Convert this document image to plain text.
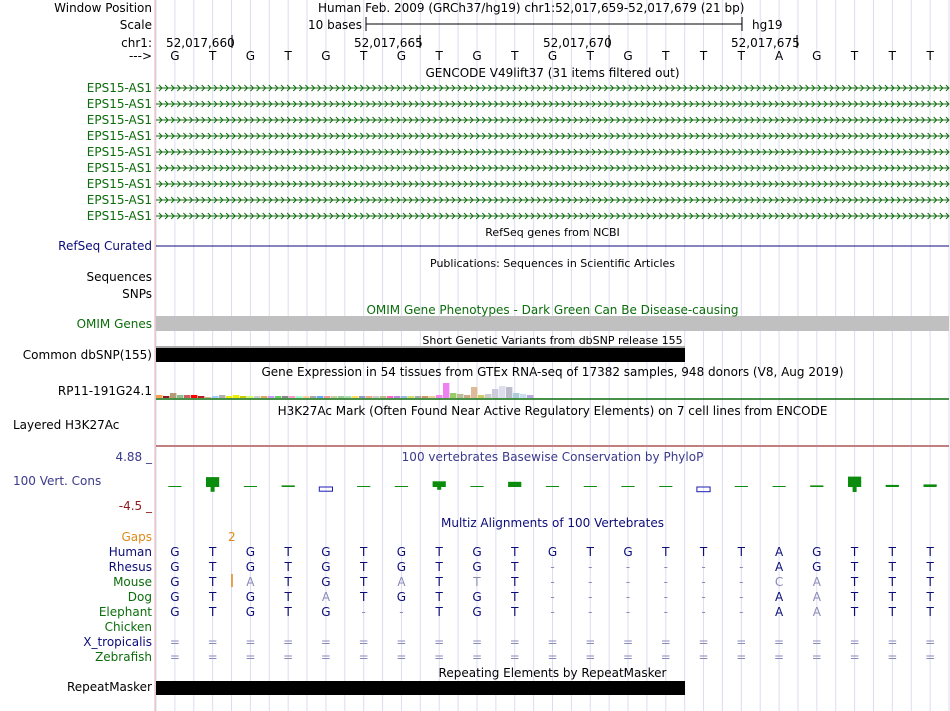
Window Position	Human Feb. 2009 (GRCh37/hg19) chr1:52,017,659-52,017,679 (21 bp)
Scale	10 bases	hg19
chr1: 52,017,660	52,017,665	52,017,670	52,017,675
---> G T G T G T G T G T G T G T	T	T A G T	T	T
GENCODE V49lift37 (31 items filtered out)
EPS15-AS1
EPS15-AS1
EPS15-AS1
EPS15-AS1
EPS15-AS1
EPS15-AS1
EPS15-AS1
EPS15-AS1
EPS15-AS1
RefSeq genes from NCBI
RefSeq Curated
Publications: Sequences in Scientific Articles
Sequences
SNPs
OMIM Gene Phenotypes - Dark Green Can Be Disease-causing
OMIM Genes
Short Genetic Variants from dbSNP release 155
Common dbSNP(155)
Gene Expression in 54 tissues from GTEx RNA-seq of 17382 samples, 948 donors (V8, Aug 2019)
RP11-191G24.1
H3K27Ac Mark (Often Found Near Active Regulatory Elements) on 7 cell lines from ENCODE
Layered H3K27Ac
100 vertebrates Basewise Conservation by PhyloP
4.88 _
100 Vert. Cons
-4.5 _
Multiz Alignments of 100 Vertebrates
Gaps	2
Human G T G T G T G T G T G T G T	T	T A G T	T	T
Rhesus G T G T G T G T G T	-	-	-	-	-	-	A G T	T	T
Mouse G T A T G T A T	T	T	-	-	-	-	-	-	C A T	T	T
Dog G T G T A T G T G T	-	-	-	-	-	-	A A T	T	T
Elephant G T G T G	-	-	T G T	-	-	-	-	-	-	A A T	T	T
Chicken
X_tropicalis = = = = = = = = = = = = = = = = = = = = =
Zebrafish = = = = = = = = = = = = = = = = = = = = =
Repeating Elements by RepeatMasker
RepeatMasker
